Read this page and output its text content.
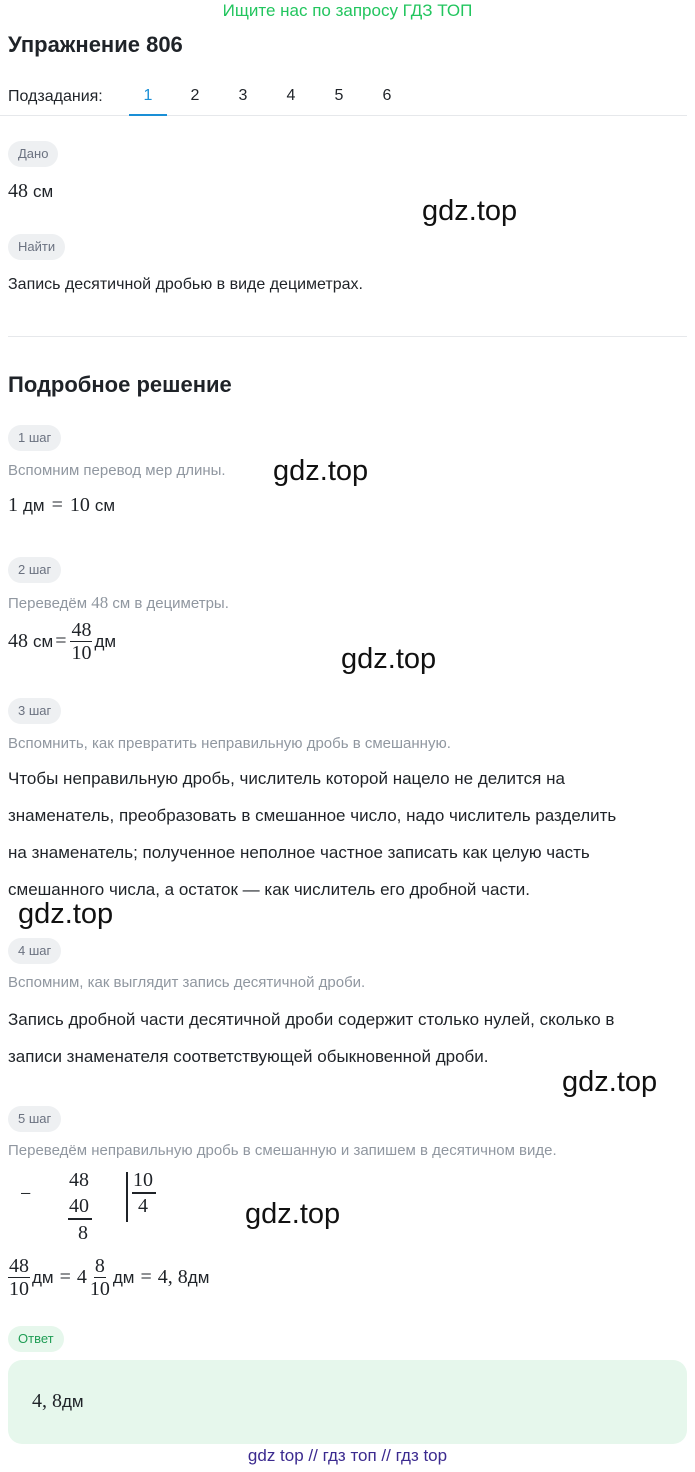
Ищите нас по запросу ГДЗ ТОП
Упражнение 806
Подзадания:	1	2	3	4	5	6
Дано
48 см
gdz.top
Найти
Запись десятичной дробью в виде дециметрах.
Подробное решение
1 шаг
Вспомним перевод мер длины. gdz.top
1 дм = 10 см
2 шаг
Переведём 48 см в дециметры.
48 см = $\frac{48}{10}$ дм
gdz.top
3 шаг
Вспомнить, как превратить неправильную дробь в смешанную.
Чтобы неправильную дробь, числитель которой нацело не делится на
знаменатель, преобразовать в смешанное число, надо числитель разделить
на знаменатель; полученное неполное частное записать как целую часть
смешанного числа, а остаток — как числитель его дробной части.
gdz.top
4 шаг
Вспомним, как выглядит запись десятичной дроби.
Запись дробной части десятичной дроби содержит столько нулей, сколько в
записи знаменателя соответствующей обыкновенной дроби.
gdz.top
5 шаг
Переведём неправильную дробь в смешанную и запишем в десятичном виде.
−
48
40
8
10
4	gdz.top
$\frac{48}{10}$ дм = $4 \frac{8}{10}$ дм = 4, 8 дм
Ответ
4, 8 дм
gdz top // гдз топ // гдз top
